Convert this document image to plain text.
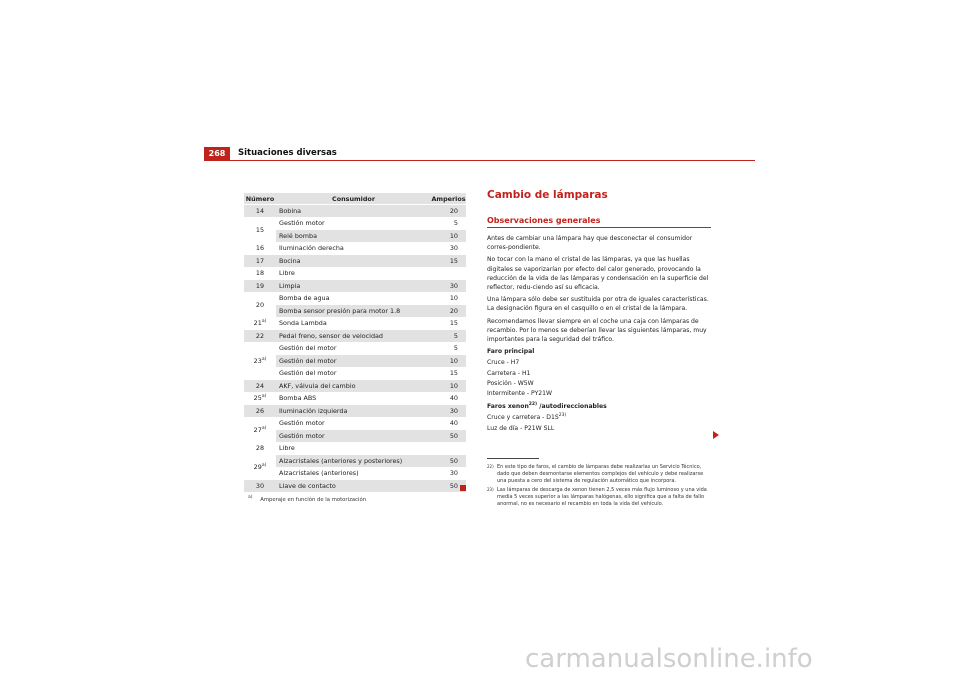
268	Situaciones diversas
Número	Consumidor	Amperios
14	Bobina	20
15	Gestión motor	5
	Relé bomba	10
16	Iluminación derecha	30
17	Bocina	15
18	Libre	
19	Limpia	30
20	Bomba de agua	10
	Bomba sensor presión para motor 1.8	20
21$^{a)}$	Sonda Lambda	15
22	Pedal freno, sensor de velocidad	5
23$^{a)}$	Gestión del motor	5
	Gestión del motor	10
	Gestión del motor	15
24	AKF, válvula del cambio	10
25$^{a)}$	Bomba ABS	40
26	Iluminación izquierda	30
27$^{a)}$	Gestión motor	40
	Gestión motor	50
28	Libre	
29$^{a)}$	Alzacristales (anteriores y posteriores)	50
	Alzacristales (anteriores)	30
30	Llave de contacto	50
$^{a)}$ Amperaje en función de la motorización
Cambio de lámparas
Observaciones generales

Antes de cambiar una lámpara hay que desconectar el consumidor corres-pondiente.

No tocar con la mano el cristal de las lámparas, ya que las huellas digitales se vaporizarían por efecto del calor generado, provocando la reducción de la vida de las lámparas y condensación en la superficie del reflector, redu-ciendo así su eficacia.

Una lámpara sólo debe ser sustituida por otra de iguales características. La designación figura en el casquillo o en el cristal de la lámpara.

Recomendamos llevar siempre en el coche una caja con lámparas de recambio. Por lo menos se deberían llevar las siguientes lámparas, muy importantes para la seguridad del tráfico.

Faro principal
Cruce - H7
Carretera - H1
Posición - W5W
Intermitente - PY21W
Faros xenon$^{22)}$ /autodireccionables
Cruce y carretera - $D1S^{23)}$
Luz de día - P21W SLL
22) En este tipo de faros, el cambio de lámparas debe realizarlas un Servicio Técnico, dado que deben desmontarse elementos complejos del vehículo y debe realizarse una puesta a cero del sistema de regulación automático que incorpora.
23) Las lámparas de descarga de xenon tienen 2,5 veces más flujo luminoso y una vida media 5 veces superior a las lámparas halógenas, ello significa que a falta de fallo anormal, no es necesario el recambio en toda la vida del vehículo.
carmanualsonline.info
